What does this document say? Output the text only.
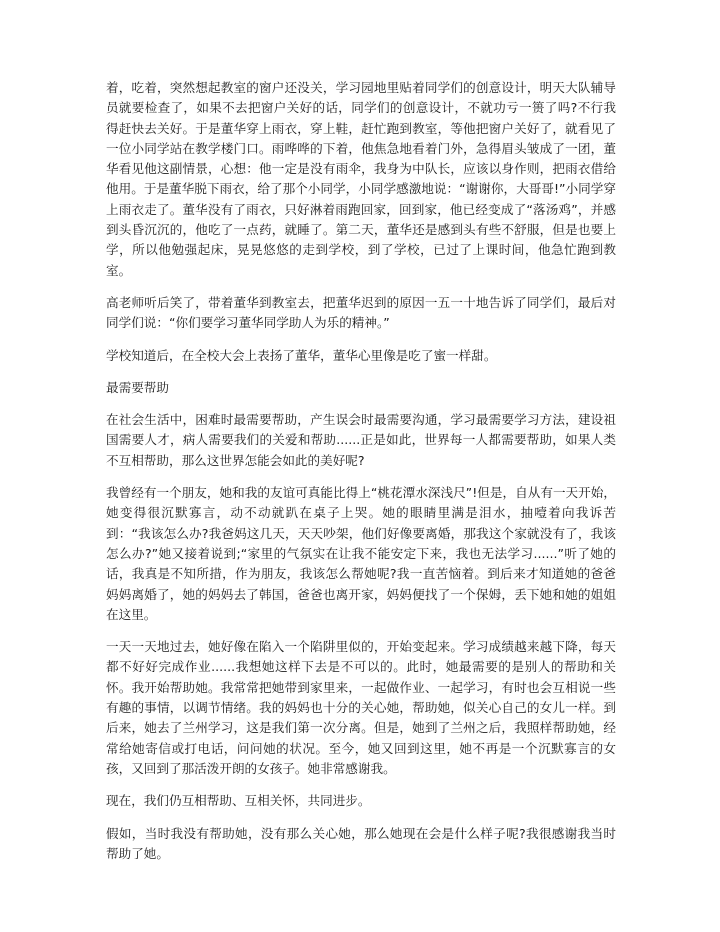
着，吃着，突然想起教室的窗户还没关，学习园地里贴着同学们的创意设计，明天大队辅导员就要检查了，如果不去把窗户关好的话，同学们的创意设计，不就功亏一篑了吗?不行我得赶快去关好。于是董华穿上雨衣，穿上鞋，赶忙跑到教室，等他把窗户关好了，就看见了一位小同学站在教学楼门口。雨哗哗的下着，他焦急地看着门外，急得眉头皱成了一团，董华看见他这副情景，心想：他一定是没有雨伞，我身为中队长，应该以身作则，把雨衣借给他用。于是董华脱下雨衣，给了那个小同学，小同学感激地说：“谢谢你，大哥哥!”小同学穿上雨衣走了。董华没有了雨衣，只好淋着雨跑回家，回到家，他已经变成了“落汤鸡”，并感到头昏沉沉的，他吃了一点药，就睡了。第二天，董华还是感到头有些不舒服，但是也要上学，所以他勉强起床，晃晃悠悠的走到学校，到了学校，已过了上课时间，他急忙跑到教室。

高老师听后笑了，带着董华到教室去，把董华迟到的原因一五一十地告诉了同学们，最后对同学们说：“你们要学习董华同学助人为乐的精神。”

学校知道后，在全校大会上表扬了董华，董华心里像是吃了蜜一样甜。

最需要帮助

在社会生活中，困难时最需要帮助，产生误会时最需要沟通，学习最需要学习方法，建设祖国需要人才，病人需要我们的关爱和帮助......正是如此，世界每一人都需要帮助，如果人类不互相帮助，那么这世界怎能会如此的美好呢?

我曾经有一个朋友，她和我的友谊可真能比得上“桃花潭水深浅尺”!但是，自从有一天开始，她变得很沉默寡言，动不动就趴在桌子上哭。她的眼睛里满是泪水，抽噎着向我诉苦到：“我该怎么办?我爸妈这几天，天天吵架，他们好像要离婚，那我这个家就没有了，我该怎么办?”她又接着说到;“家里的气氛实在让我不能安定下来，我也无法学习......”听了她的话，我真是不知所措，作为朋友，我该怎么帮她呢?我一直苦恼着。到后来才知道她的爸爸妈妈离婚了，她的妈妈去了韩国，爸爸也离开家，妈妈便找了一个保姆，丢下她和她的姐姐在这里。

一天一天地过去，她好像在陷入一个陷阱里似的，开始变起来。学习成绩越来越下降，每天都不好好完成作业......我想她这样下去是不可以的。此时，她最需要的是别人的帮助和关怀。我开始帮助她。我常常把她带到家里来，一起做作业、一起学习，有时也会互相说一些有趣的事情，以调节情绪。我的妈妈也十分的关心她，帮助她，似关心自己的女儿一样。到后来，她去了兰州学习，这是我们第一次分离。但是，她到了兰州之后，我照样帮助她，经常给她寄信或打电话，问问她的状况。至今，她又回到这里，她不再是一个沉默寡言的女孩，又回到了那活泼开朗的女孩子。她非常感谢我。

现在，我们仍互相帮助、互相关怀，共同进步。

假如，当时我没有帮助她，没有那么关心她，那么她现在会是什么样子呢?我很感谢我当时帮助了她。
